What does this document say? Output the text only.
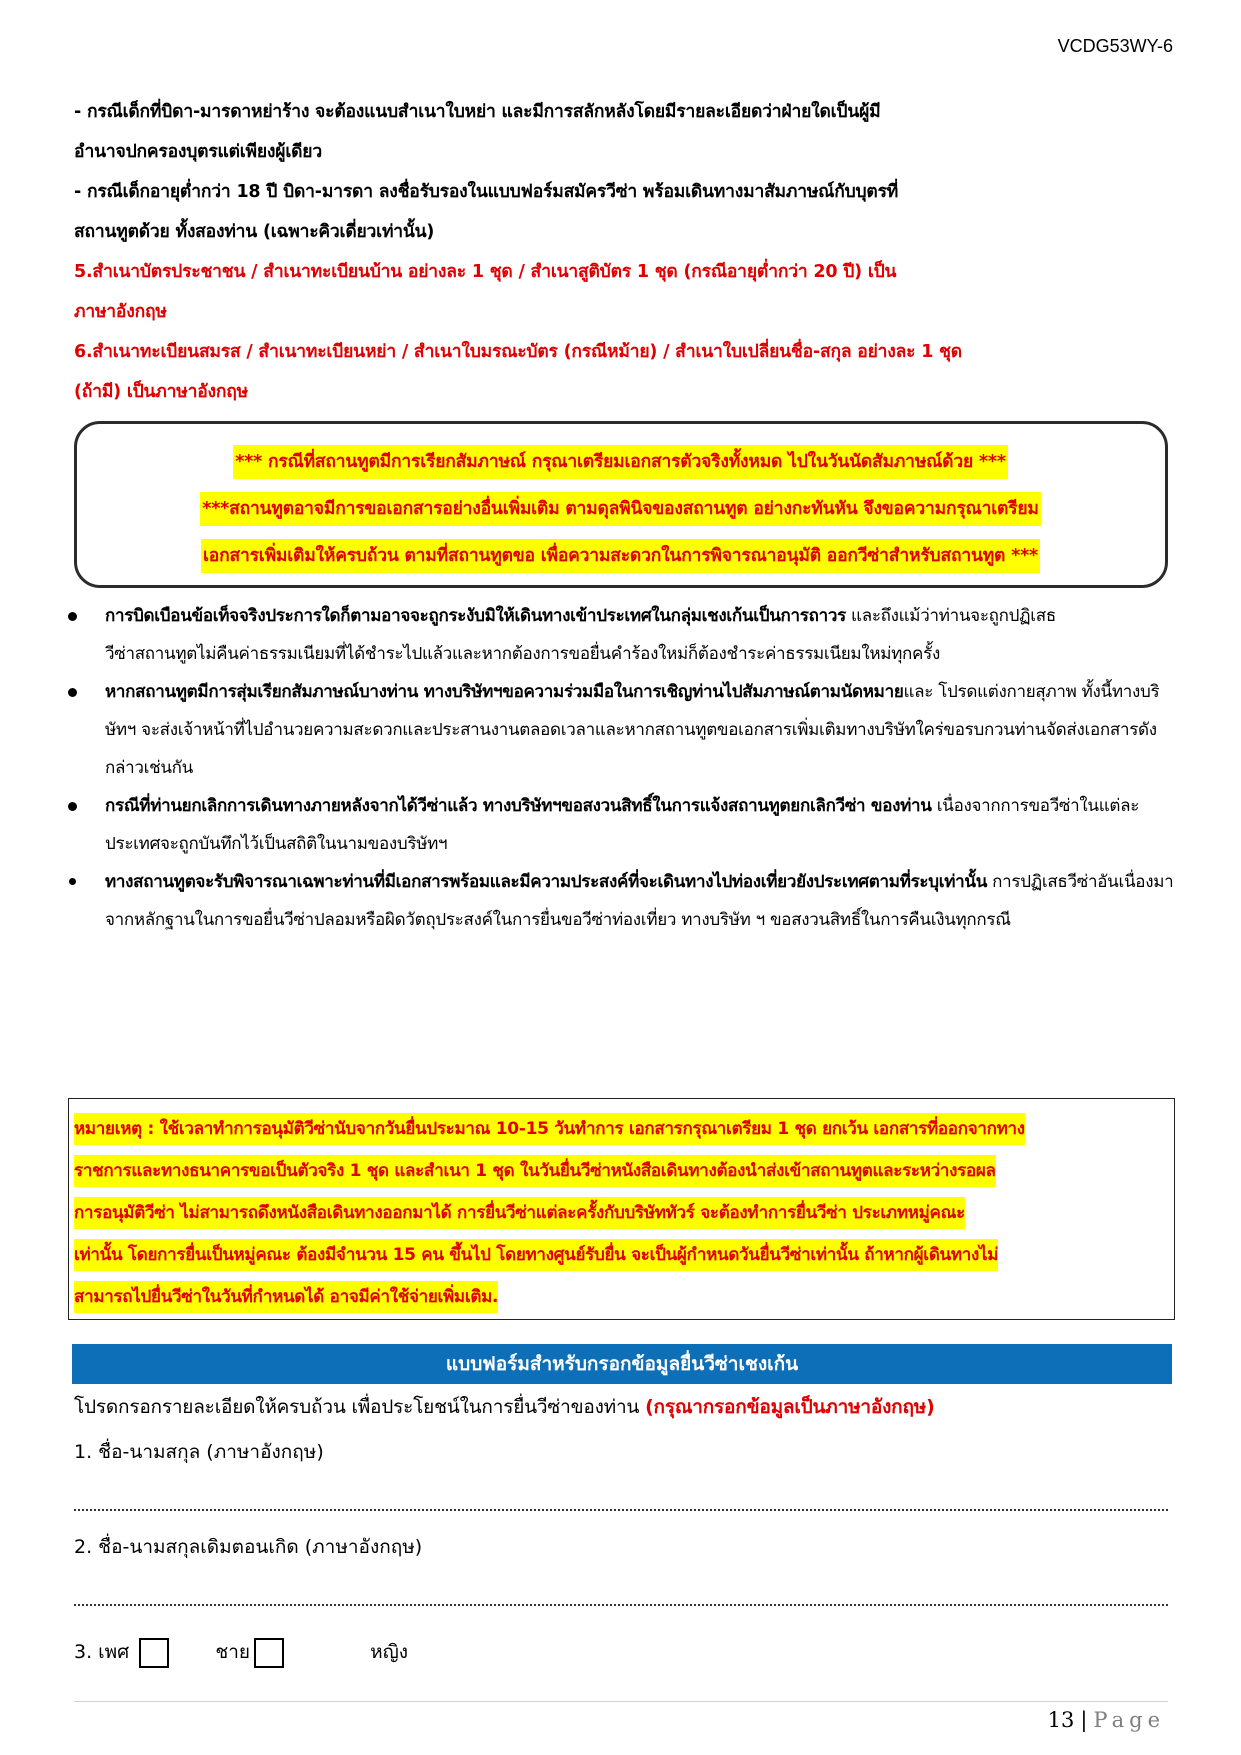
VCDG53WY-6

- กรณีเด็กที่บิดา-มารดาหย่าร้าง จะต้องแนบสำเนาใบหย่า และมีการสลักหลังโดยมีรายละเอียดว่าฝ่ายใดเป็นผู้มี

อำนาจปกครองบุตรแต่เพียงผู้เดียว

- กรณีเด็กอายุต่ำกว่า 18 ปี บิดา-มารดา ลงชื่อรับรองในแบบฟอร์มสมัครวีซ่า พร้อมเดินทางมาสัมภาษณ์กับบุตรที่

สถานทูตด้วย ทั้งสองท่าน (เฉพาะคิวเดี่ยวเท่านั้น)

5.สำเนาบัตรประชาชน / สำเนาทะเบียนบ้าน อย่างละ 1 ชุด / สำเนาสูติบัตร 1 ชุด (กรณีอายุต่ำกว่า 20 ปี) เป็น

ภาษาอังกฤษ

6.สำเนาทะเบียนสมรส / สำเนาทะเบียนหย่า / สำเนาใบมรณะบัตร (กรณีหม้าย) / สำเนาใบเปลี่ยนชื่อ-สกุล อย่างละ 1 ชุด

(ถ้ามี) เป็นภาษาอังกฤษ

*** กรณีที่สถานทูตมีการเรียกสัมภาษณ์ กรุณาเตรียมเอกสารตัวจริงทั้งหมด ไปในวันนัดสัมภาษณ์ด้วย ***
***สถานทูตอาจมีการขอเอกสารอย่างอื่นเพิ่มเติม ตามดุลพินิจของสถานทูต อย่างกะทันหัน จึงขอความกรุณาเตรียม
เอกสารเพิ่มเติมให้ครบถ้วน ตามที่สถานทูตขอ เพื่อความสะดวกในการพิจารณาอนุมัติ ออกวีซ่าสำหรับสถานทูต ***
การบิดเบือนข้อเท็จจริงประการใดก็ตามอาจจะถูกระงับมิให้เดินทางเข้าประเทศในกลุ่มเชงเก้นเป็นการถาวร และถึงแม้ว่าท่านจะถูกปฏิเสธ
วีซ่าสถานทูตไม่คืนค่าธรรมเนียมที่ได้ชำระไปแล้วและหากต้องการขอยื่นคำร้องใหม่ก็ต้องชำระค่าธรรมเนียมใหม่ทุกครั้ง
หากสถานทูตมีการสุ่มเรียกสัมภาษณ์บางท่าน ทางบริษัทฯขอความร่วมมือในการเชิญท่านไปสัมภาษณ์ตามนัดหมายและ โปรดแต่งกายสุภาพ ทั้งนี้ทางบริษัทฯ จะส่งเจ้าหน้าที่ไปอำนวยความสะดวกและประสานงานตลอดเวลาและหากสถานทูตขอเอกสารเพิ่มเติมทางบริษัทใคร่ขอรบกวนท่านจัดส่งเอกสารดังกล่าวเช่นกัน
กรณีที่ท่านยกเลิกการเดินทางภายหลังจากได้วีซ่าแล้ว ทางบริษัทฯขอสงวนสิทธิ์ในการแจ้งสถานทูตยกเลิกวีซ่า ของท่าน เนื่องจากการขอวีซ่าในแต่ละประเทศจะถูกบันทึกไว้เป็นสถิติในนามของบริษัทฯ
ทางสถานทูตจะรับพิจารณาเฉพาะท่านที่มีเอกสารพร้อมและมีความประสงค์ที่จะเดินทางไปท่องเที่ยวยังประเทศตามที่ระบุเท่านั้น การปฏิเสธวีซ่าอันเนื่องมาจากหลักฐานในการขอยื่นวีซ่าปลอมหรือผิดวัตถุประสงค์ในการยื่นขอวีซ่าท่องเที่ยว ทางบริษัท ฯ ขอสงวนสิทธิ์ในการคืนเงินทุกกรณี
หมายเหตุ : ใช้เวลาทำการอนุมัติวีซ่านับจากวันยื่นประมาณ 10-15 วันทำการ เอกสารกรุณาเตรียม 1 ชุด ยกเว้น เอกสารที่ออกจากทาง
ราชการและทางธนาคารขอเป็นตัวจริง 1 ชุด และสำเนา 1 ชุด ในวันยื่นวีซ่าหนังสือเดินทางต้องนำส่งเข้าสถานทูตและระหว่างรอผล
การอนุมัติวีซ่า ไม่สามารถดึงหนังสือเดินทางออกมาได้ การยื่นวีซ่าแต่ละครั้งกับบริษัททัวร์ จะต้องทำการยื่นวีซ่า ประเภทหมู่คณะ
เท่านั้น โดยการยื่นเป็นหมู่คณะ ต้องมีจำนวน 15 คน ขึ้นไป โดยทางศูนย์รับยื่น จะเป็นผู้กำหนดวันยื่นวีซ่าเท่านั้น ถ้าหากผู้เดินทางไม่
สามารถไปยื่นวีซ่าในวันที่กำหนดได้ อาจมีค่าใช้จ่ายเพิ่มเติม.
แบบฟอร์มสำหรับกรอกข้อมูลยื่นวีซ่าเชงเก้น
โปรดกรอกรายละเอียดให้ครบถ้วน เพื่อประโยชน์ในการยื่นวีซ่าของท่าน (กรุณากรอกข้อมูลเป็นภาษาอังกฤษ)
1. ชื่อ-นามสกุล (ภาษาอังกฤษ)
2. ชื่อ-นามสกุลเดิมตอนเกิด (ภาษาอังกฤษ)
3. เพศ	ชาย	หญิง
13 | Page
